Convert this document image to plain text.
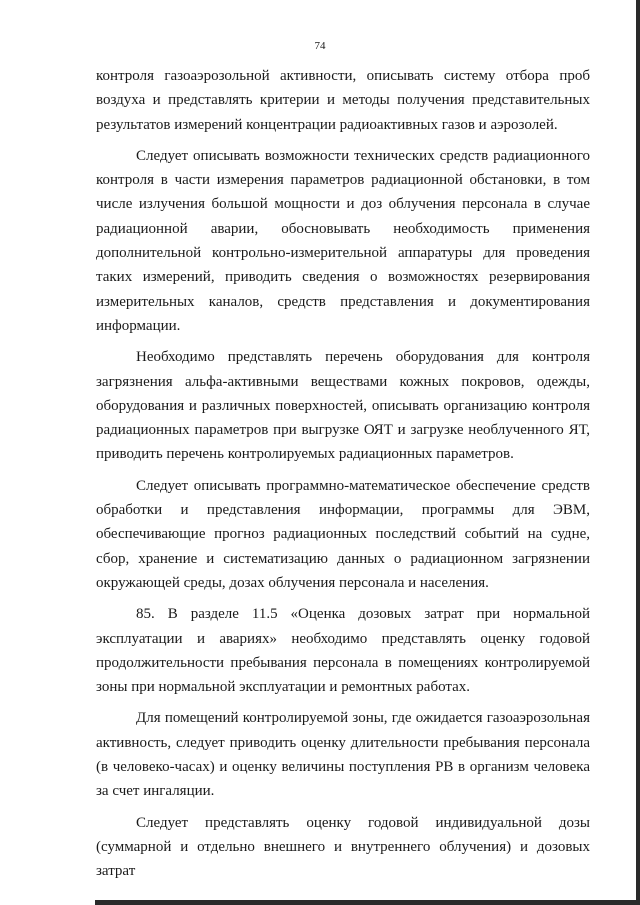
74

контроля газоаэрозольной активности, описывать систему отбора проб воздуха и представлять критерии и методы получения представительных результатов измерений концентрации радиоактивных газов и аэрозолей.

Следует описывать возможности технических средств радиационного контроля в части измерения параметров радиационной обстановки, в том числе излучения большой мощности и доз облучения персонала в случае радиационной аварии, обосновывать необходимость применения дополнительной контрольно-измерительной аппаратуры для проведения таких измерений, приводить сведения о возможностях резервирования измерительных каналов, средств представления и документирования информации.

Необходимо представлять перечень оборудования для контроля загрязнения альфа-активными веществами кожных покровов, одежды, оборудования и различных поверхностей, описывать организацию контроля радиационных параметров при выгрузке ОЯТ и загрузке необлученного ЯТ, приводить перечень контролируемых радиационных параметров.

Следует описывать программно-математическое обеспечение средств обработки и представления информации, программы для ЭВМ, обеспечивающие прогноз радиационных последствий событий на судне, сбор, хранение и систематизацию данных о радиационном загрязнении окружающей среды, дозах облучения персонала и населения.

85. В разделе 11.5 «Оценка дозовых затрат при нормальной эксплуатации и авариях» необходимо представлять оценку годовой продолжительности пребывания персонала в помещениях контролируемой зоны при нормальной эксплуатации и ремонтных работах.

Для помещений контролируемой зоны, где ожидается газоаэрозольная активность, следует приводить оценку длительности пребывания персонала (в человеко-часах) и оценку величины поступления РВ в организм человека за счет ингаляции.

Следует представлять оценку годовой индивидуальной дозы (суммарной и отдельно внешнего и внутреннего облучения) и дозовых затрат
